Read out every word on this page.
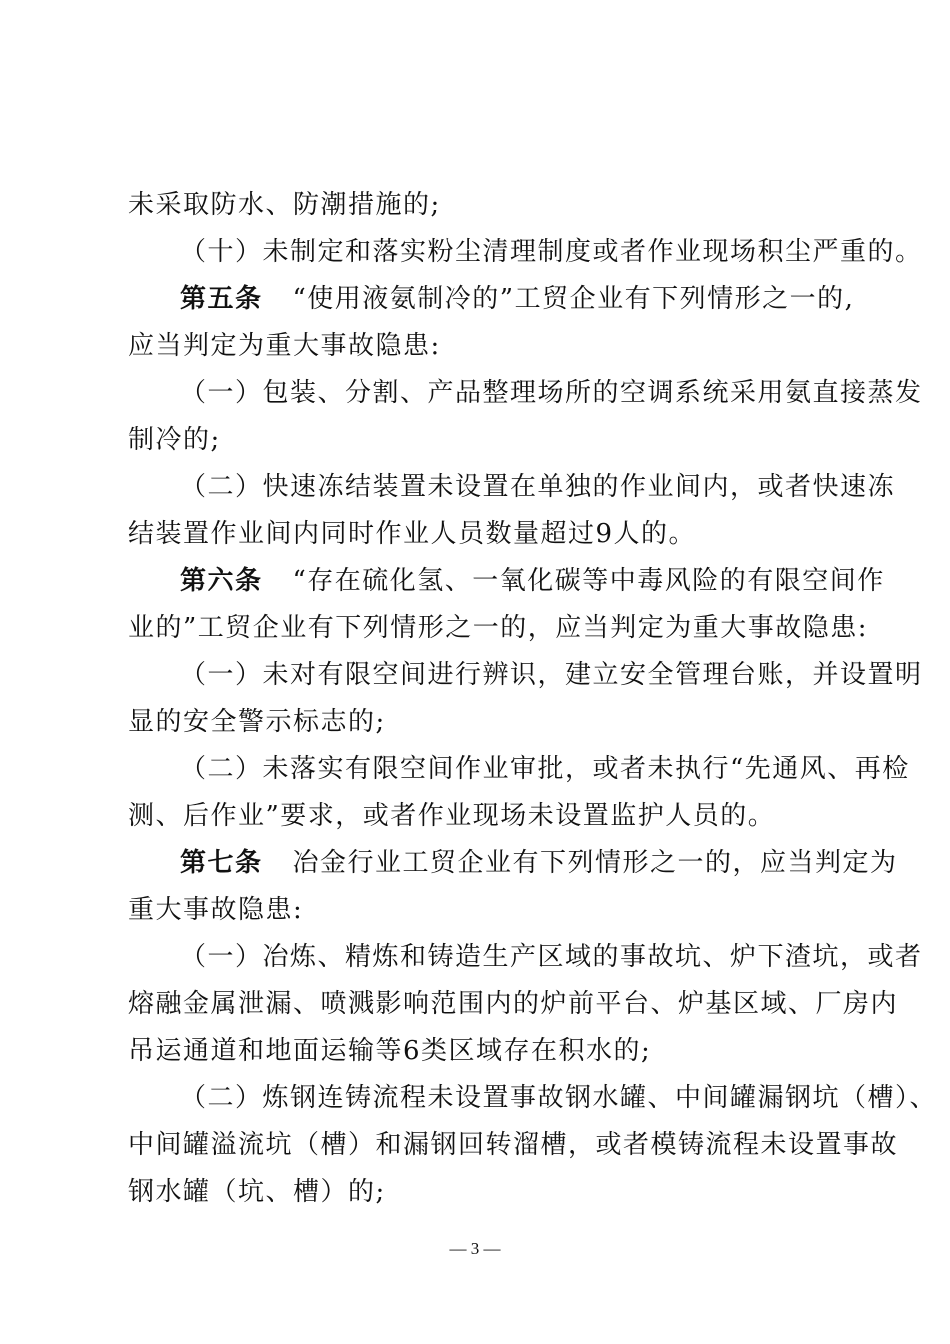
未采取防水、防潮措施的;
（十）未制定和落实粉尘清理制度或者作业现场积尘严重的。
第五条 “使用液氨制冷的”工贸企业有下列情形之一的,
应当判定为重大事故隐患:
（一）包装、分割、产品整理场所的空调系统采用氨直接蒸发
制冷的;
（二）快速冻结装置未设置在单独的作业间内，或者快速冻
结装置作业间内同时作业人员数量超过9人的。
第六条 “存在硫化氢、一氧化碳等中毒风险的有限空间作
业的”工贸企业有下列情形之一的，应当判定为重大事故隐患:
（一）未对有限空间进行辨识，建立安全管理台账，并设置明
显的安全警示标志的;
（二）未落实有限空间作业审批，或者未执行“先通风、再检
测、后作业”要求，或者作业现场未设置监护人员的。
第七条 冶金行业工贸企业有下列情形之一的，应当判定为
重大事故隐患:
（一）冶炼、精炼和铸造生产区域的事故坑、炉下渣坑，或者
熔融金属泄漏、喷溅影响范围内的炉前平台、炉基区域、厂房内
吊运通道和地面运输等6类区域存在积水的;
（二）炼钢连铸流程未设置事故钢水罐、中间罐漏钢坑（槽）、
中间罐溢流坑（槽）和漏钢回转溜槽，或者模铸流程未设置事故
钢水罐（坑、槽）的;
— 3 —
